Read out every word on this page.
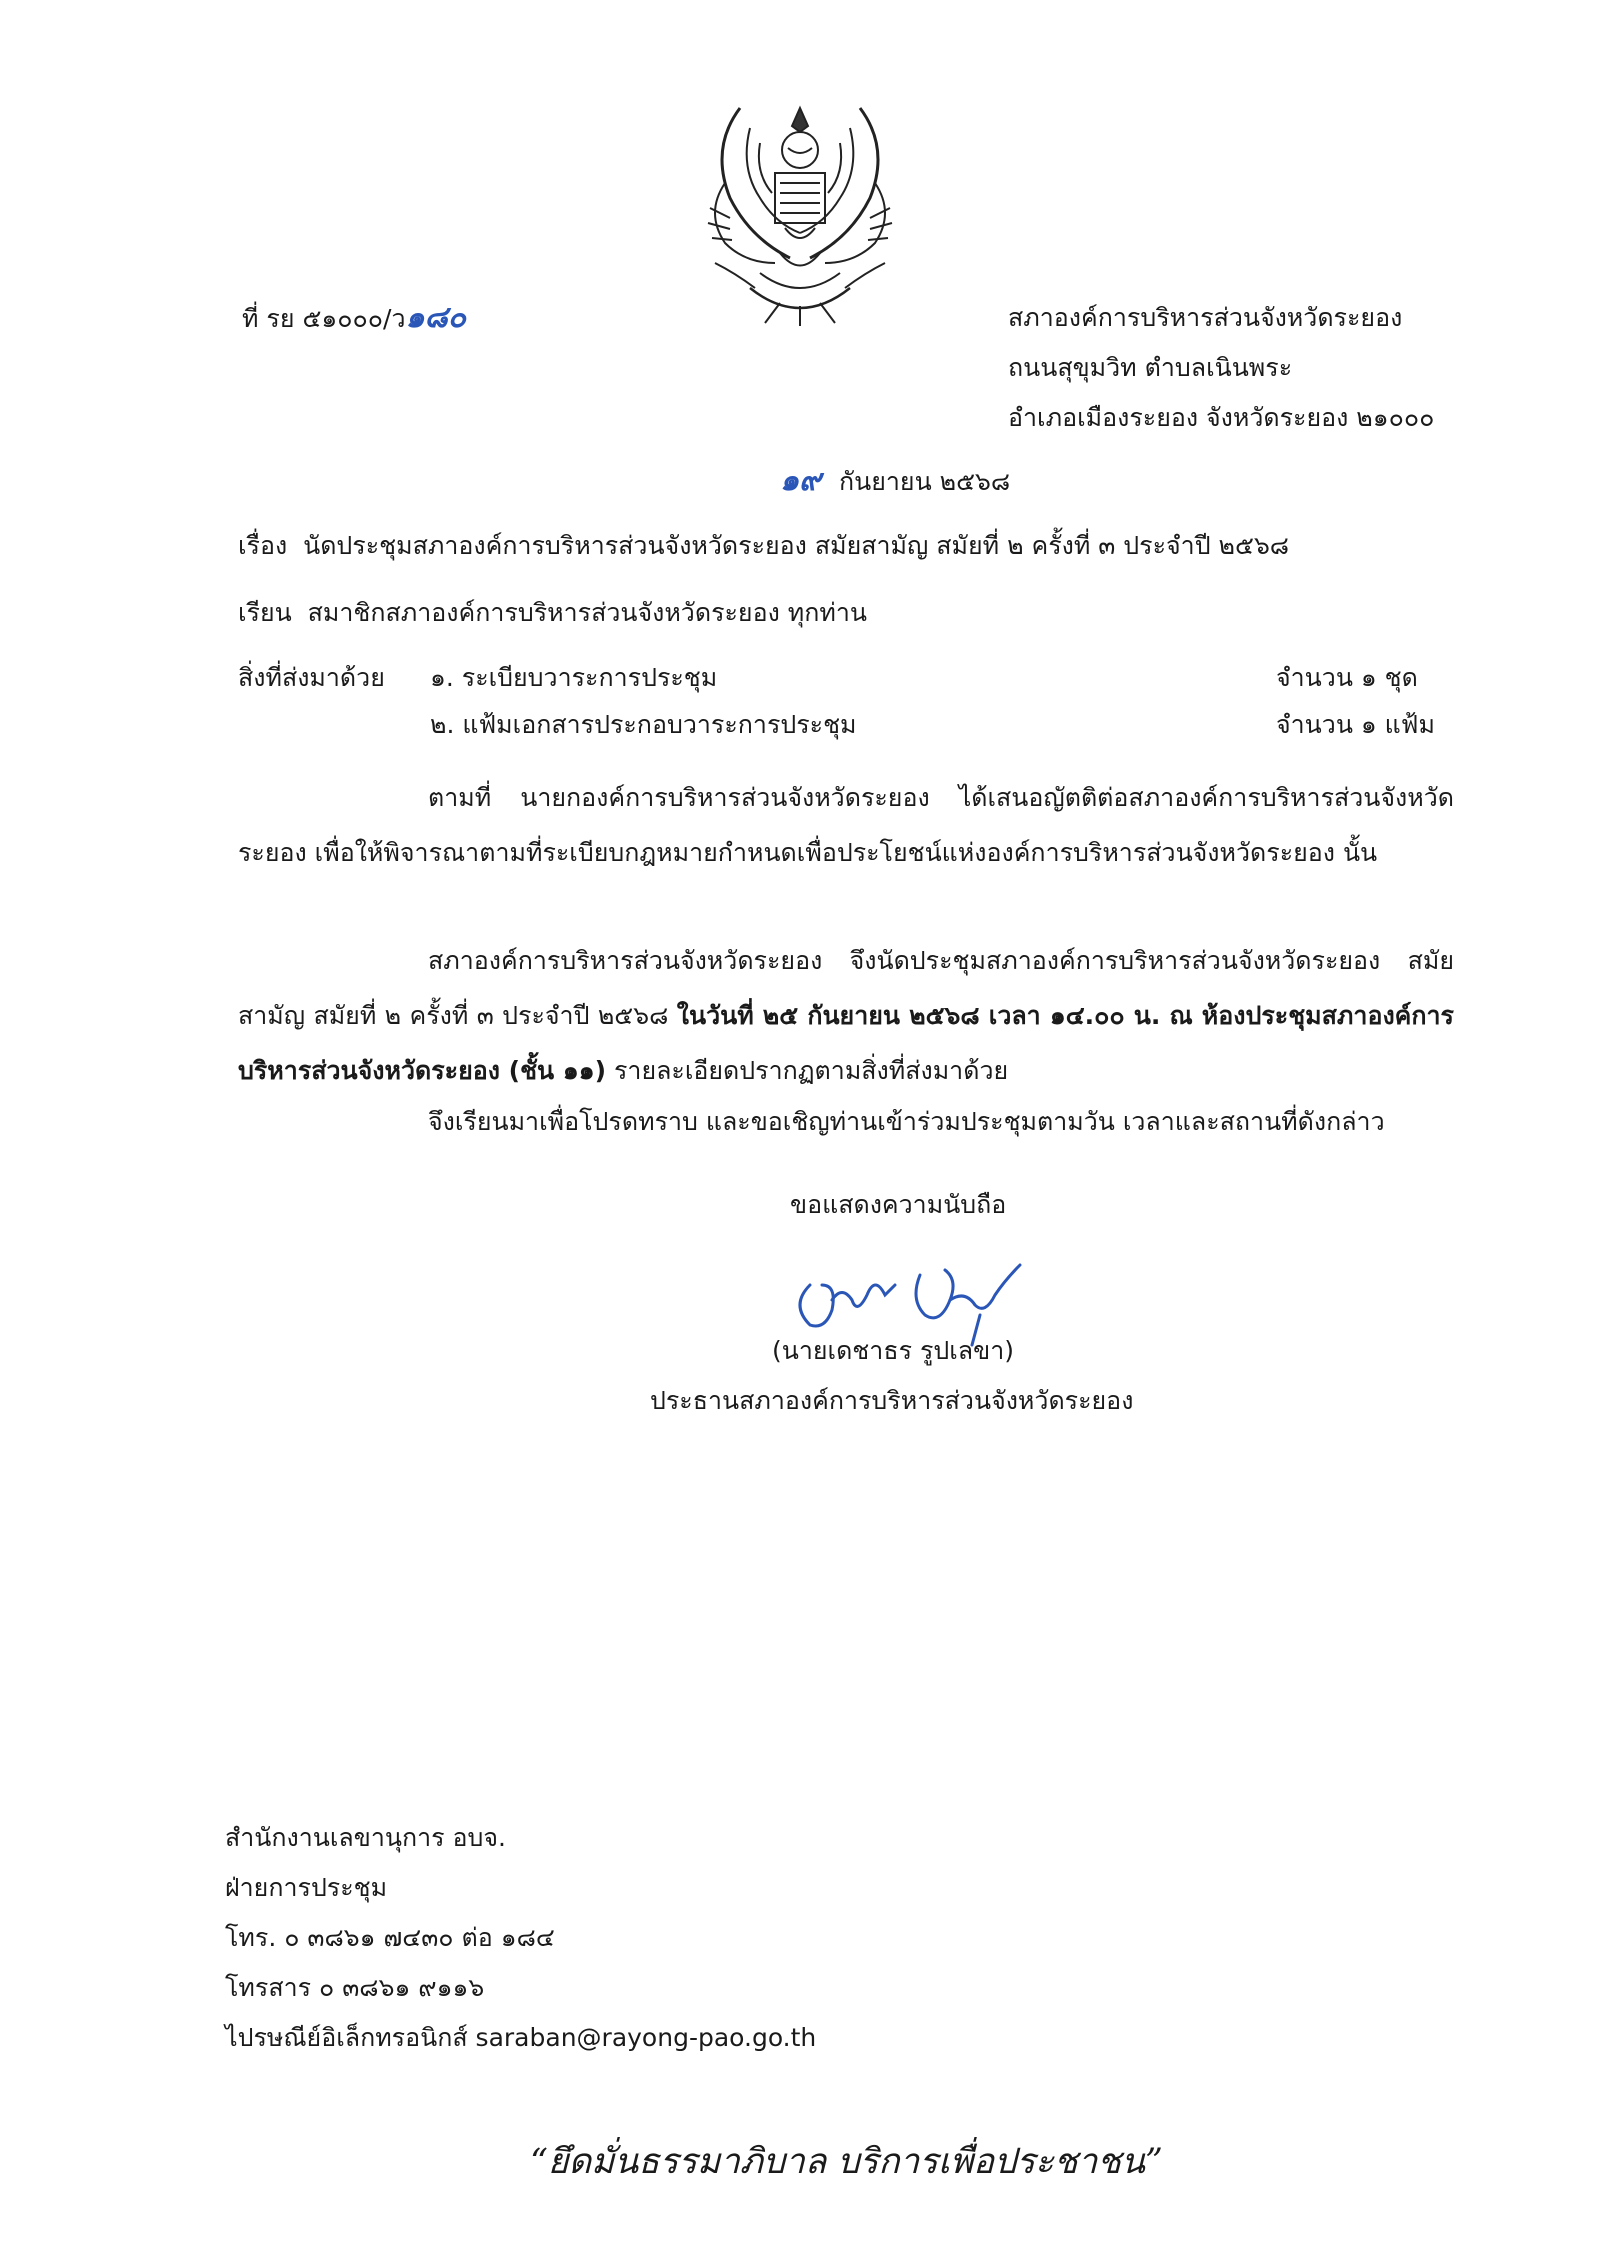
ที่ รย ๕๑๐๐๐/ว๑๘๐	สภาองค์การบริหารส่วนจังหวัดระยอง
ถนนสุขุมวิท ตำบลเนินพระ
อำเภอเมืองระยอง จังหวัดระยอง ๒๑๐๐๐
๑๙ กันยายน ๒๕๖๘
เรื่อง นัดประชุมสภาองค์การบริหารส่วนจังหวัดระยอง สมัยสามัญ สมัยที่ ๒ ครั้งที่ ๓ ประจำปี ๒๕๖๘
เรียน สมาชิกสภาองค์การบริหารส่วนจังหวัดระยอง ทุกท่าน
สิ่งที่ส่งมาด้วย ๑. ระเบียบวาระการประชุม	จำนวน ๑ ชุด
๒. แฟ้มเอกสารประกอบวาระการประชุม	จำนวน ๑ แฟ้ม
ตามที่ นายกองค์การบริหารส่วนจังหวัดระยอง ได้เสนอญัตติต่อสภาองค์การบริหารส่วนจังหวัดระยอง เพื่อให้พิจารณาตามที่ระเบียบกฎหมายกำหนดเพื่อประโยชน์แห่งองค์การบริหารส่วนจังหวัดระยอง นั้น
สภาองค์การบริหารส่วนจังหวัดระยอง จึงนัดประชุมสภาองค์การบริหารส่วนจังหวัดระยอง สมัยสามัญ สมัยที่ ๒ ครั้งที่ ๓ ประจำปี ๒๕๖๘ ในวันที่ ๒๕ กันยายน ๒๕๖๘ เวลา ๑๔.๐๐ น. ณ ห้องประชุมสภาองค์การบริหารส่วนจังหวัดระยอง (ชั้น ๑๑) รายละเอียดปรากฏตามสิ่งที่ส่งมาด้วย
จึงเรียนมาเพื่อโปรดทราบ และขอเชิญท่านเข้าร่วมประชุมตามวัน เวลาและสถานที่ดังกล่าว
ขอแสดงความนับถือ
(นายเดชาธร รูปเลขา)
ประธานสภาองค์การบริหารส่วนจังหวัดระยอง
สำนักงานเลขานุการ อบจ.
ฝ่ายการประชุม
โทร. ๐ ๓๘๖๑ ๗๔๓๐ ต่อ ๑๘๔
โทรสาร ๐ ๓๘๖๑ ๙๑๑๖
ไปรษณีย์อิเล็กทรอนิกส์ saraban@rayong-pao.go.th
“ยึดมั่นธรรมาภิบาล บริการเพื่อประชาชน”
